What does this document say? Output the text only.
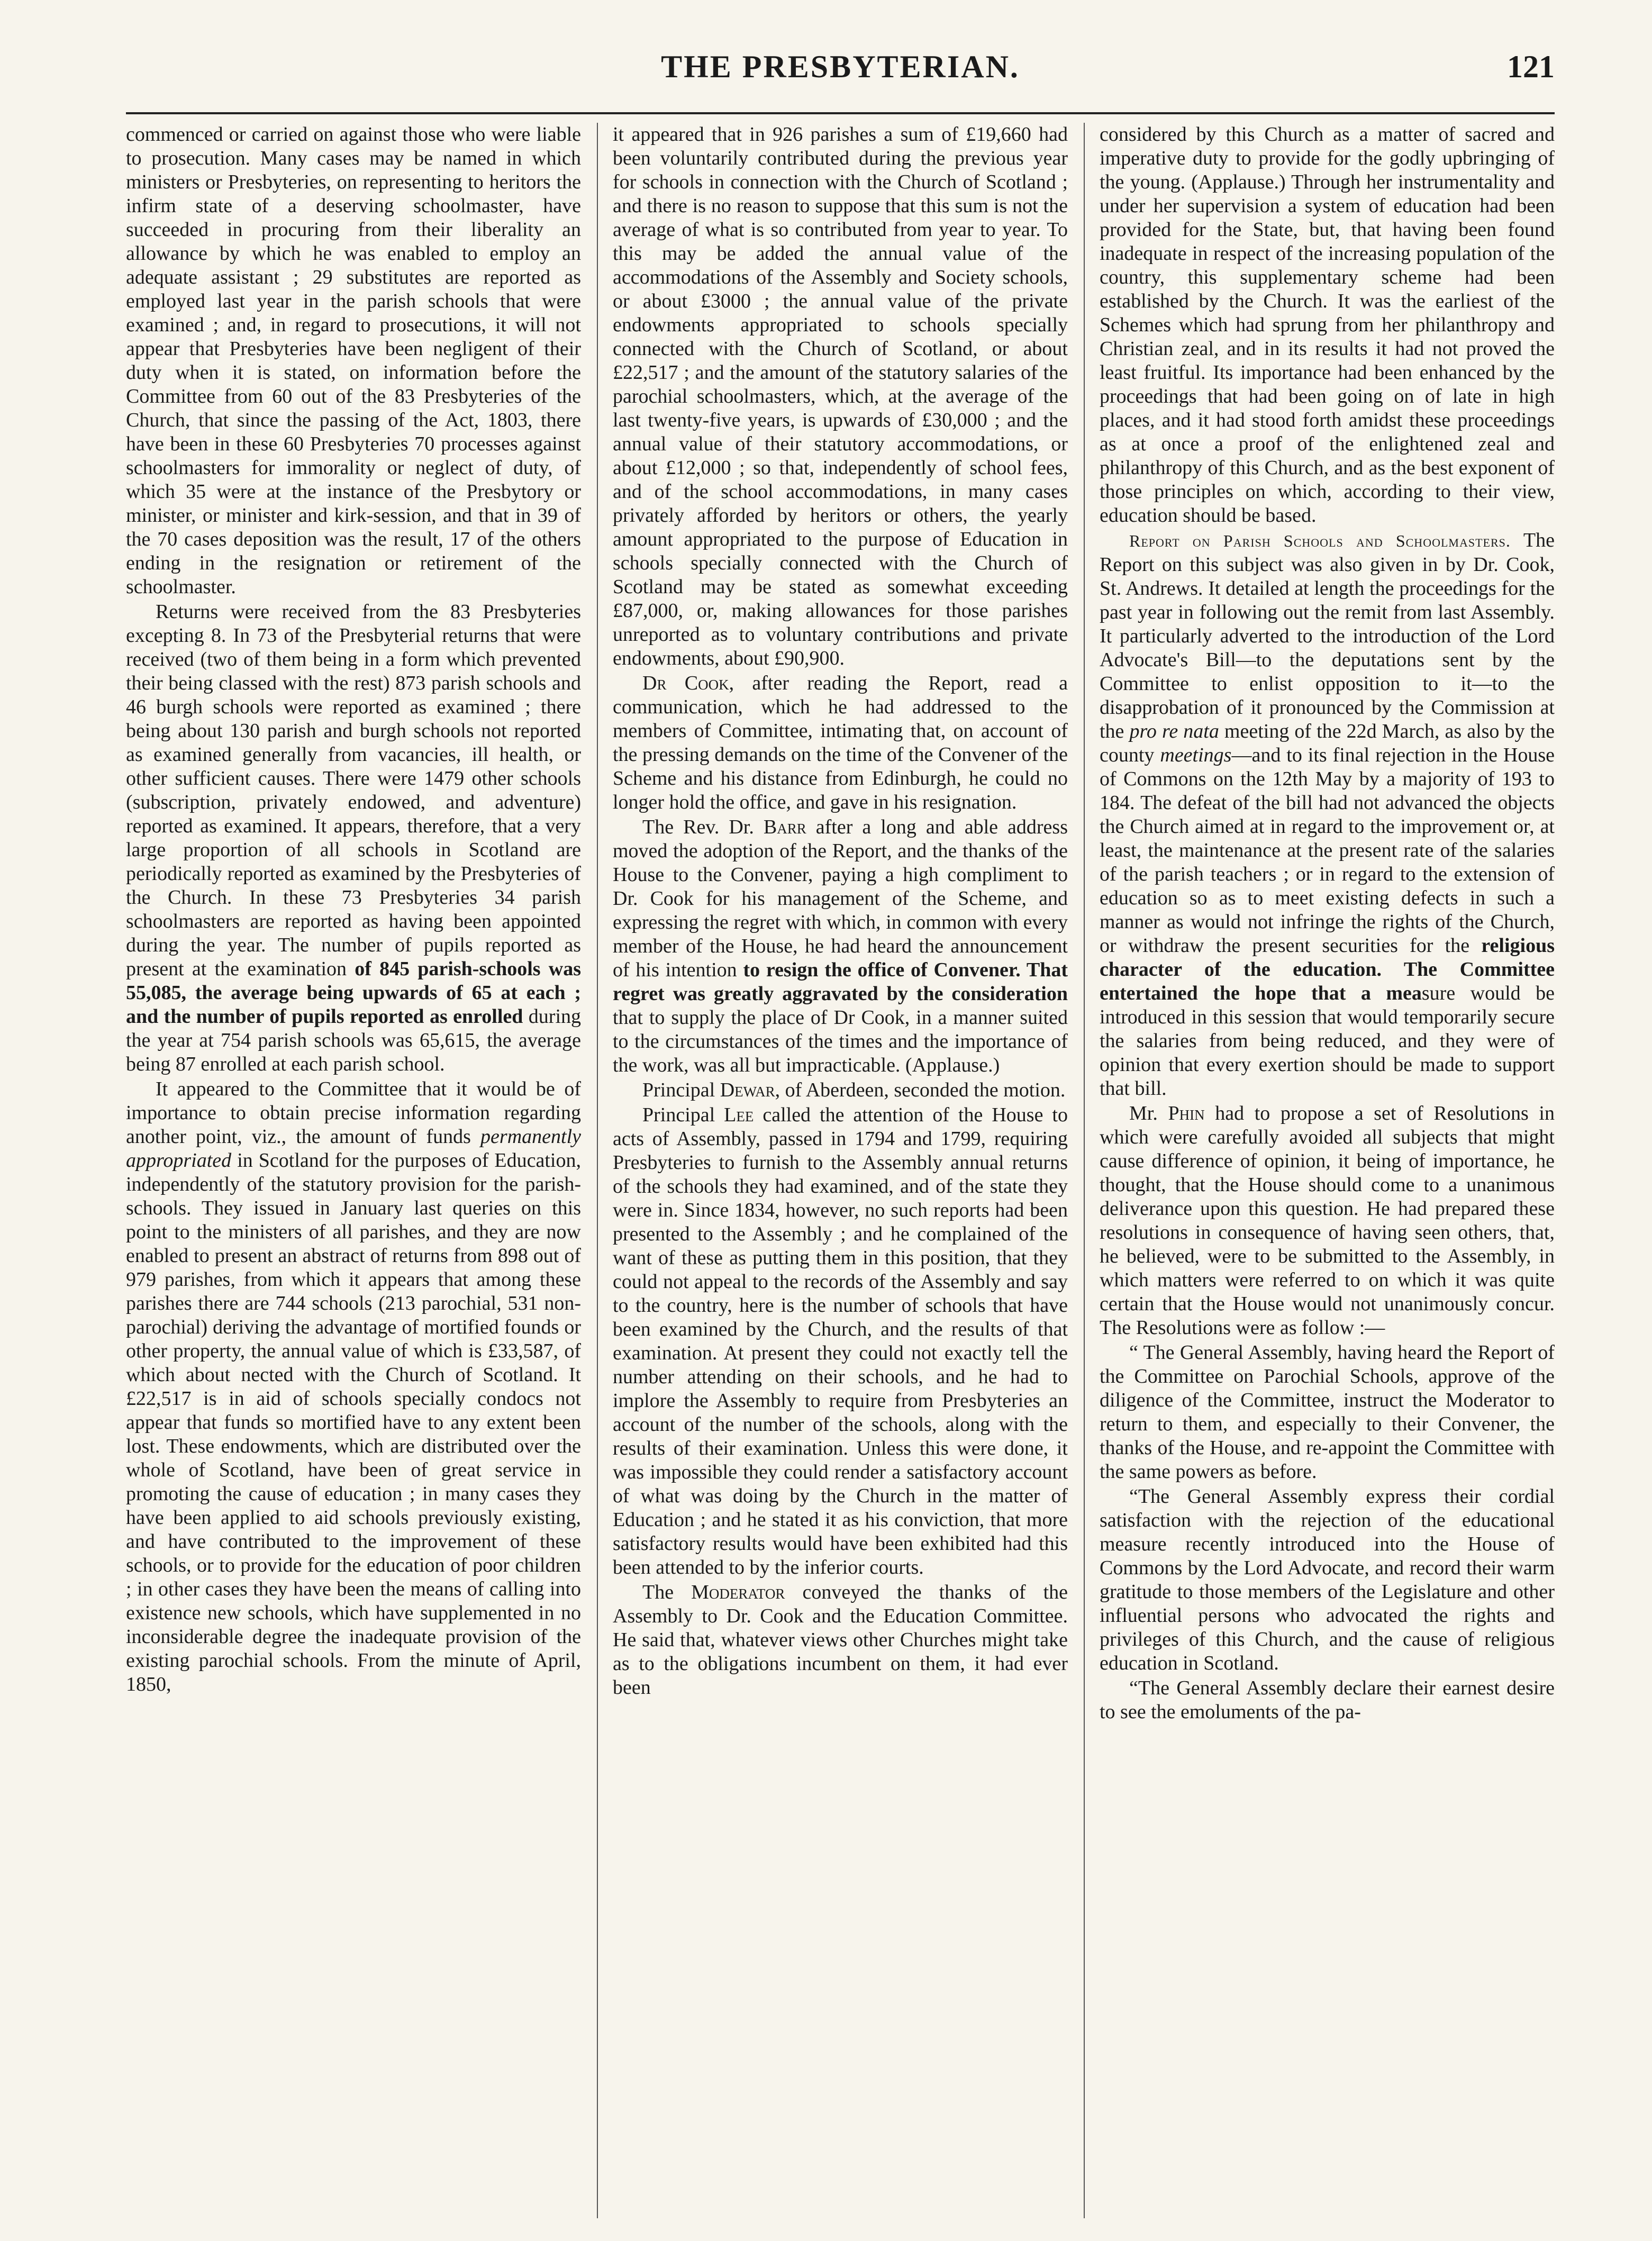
THE PRESBYTERIAN.	121

commenced or carried on against those who were liable to prosecution. Many cases may be named in which ministers or Presbyteries, on representing to heritors the infirm state of a deserving schoolmaster, have succeeded in procuring from their liberality an allowance by which he was enabled to employ an adequate assistant ; 29 substitutes are reported as employed last year in the parish schools that were examined ; and, in regard to prosecutions, it will not appear that Presbyteries have been negligent of their duty when it is stated, on information before the Committee from 60 out of the 83 Presbyteries of the Church, that since the passing of the Act, 1803, there have been in these 60 Presbyteries 70 processes against schoolmasters for immorality or neglect of duty, of which 35 were at the instance of the Presbytory or minister, or minister and kirk-session, and that in 39 of the 70 cases deposition was the result, 17 of the others ending in the resignation or retirement of the schoolmaster.

Returns were received from the 83 Presbyteries excepting 8. In 73 of the Presbyterial returns that were received (two of them being in a form which prevented their being classed with the rest) 873 parish schools and 46 burgh schools were reported as examined ; there being about 130 parish and burgh schools not reported as examined generally from vacancies, ill health, or other sufficient causes. There were 1479 other schools (subscription, privately endowed, and adventure) reported as examined. It appears, therefore, that a very large proportion of all schools in Scotland are periodically reported as examined by the Presbyteries of the Church. In these 73 Presbyteries 34 parish schoolmasters are reported as having been appointed during the year. The number of pupils reported as present at the examination of 845 parish-schools was 55,085, the average being upwards of 65 at each ; and the number of pupils reported as enrolled during the year at 754 parish schools was 65,615, the average being 87 enrolled at each parish school.

It appeared to the Committee that it would be of importance to obtain precise information regarding another point, viz., the amount of funds permanently appropriated in Scotland for the purposes of Education, independently of the statutory provision for the parish-schools. They issued in January last queries on this point to the ministers of all parishes, and they are now enabled to present an abstract of returns from 898 out of 979 parishes, from which it appears that among these parishes there are 744 schools (213 parochial, 531 non-parochial) deriving the advantage of mortified founds or other property, the annual value of which is £33,587, of which about nected with the Church of Scotland. It £22,517 is in aid of schools specially condocs not appear that funds so mortified have to any extent been lost. These endowments, which are distributed over the whole of Scotland, have been of great service in promoting the cause of education ; in many cases they have been applied to aid schools previously existing, and have contributed to the improvement of these schools, or to provide for the education of poor children ; in other cases they have been the means of calling into existence new schools, which have supplemented in no inconsiderable degree the inadequate provision of the existing parochial schools. From the minute of April, 1850,

it appeared that in 926 parishes a sum of £19,660 had been voluntarily contributed during the previous year for schools in connection with the Church of Scotland ; and there is no reason to suppose that this sum is not the average of what is so contributed from year to year. To this may be added the annual value of the accommodations of the Assembly and Society schools, or about £3000 ; the annual value of the private endowments appropriated to schools specially connected with the Church of Scotland, or about £22,517 ; and the amount of the statutory salaries of the parochial schoolmasters, which, at the average of the last twenty-five years, is upwards of £30,000 ; and the annual value of their statutory accommodations, or about £12,000 ; so that, independently of school fees, and of the school accommodations, in many cases privately afforded by heritors or others, the yearly amount appropriated to the purpose of Education in schools specially connected with the Church of Scotland may be stated as somewhat exceeding £87,000, or, making allowances for those parishes unreported as to voluntary contributions and private endowments, about £90,900.

Dr Cook, after reading the Report, read a communication, which he had addressed to the members of Committee, intimating that, on account of the pressing demands on the time of the Convener of the Scheme and his distance from Edinburgh, he could no longer hold the office, and gave in his resignation.

The Rev. Dr. Barr after a long and able address moved the adoption of the Report, and the thanks of the House to the Convener, paying a high compliment to Dr. Cook for his management of the Scheme, and expressing the regret with which, in common with every member of the House, he had heard the announcement of his intention to resign the office of Convener. That regret was greatly aggravated by the consideration that to supply the place of Dr Cook, in a manner suited to the circumstances of the times and the importance of the work, was all but impracticable. (Applause.)

Principal Dewar, of Aberdeen, seconded the motion.

Principal Lee called the attention of the House to acts of Assembly, passed in 1794 and 1799, requiring Presbyteries to furnish to the Assembly annual returns of the schools they had examined, and of the state they were in. Since 1834, however, no such reports had been presented to the Assembly ; and he complained of the want of these as putting them in this position, that they could not appeal to the records of the Assembly and say to the country, here is the number of schools that have been examined by the Church, and the results of that examination. At present they could not exactly tell the number attending on their schools, and he had to implore the Assembly to require from Presbyteries an account of the number of the schools, along with the results of their examination. Unless this were done, it was impossible they could render a satisfactory account of what was doing by the Church in the matter of Education ; and he stated it as his conviction, that more satisfactory results would have been exhibited had this been attended to by the inferior courts.

The Moderator conveyed the thanks of the Assembly to Dr. Cook and the Education Committee. He said that, whatever views other Churches might take as to the obligations incumbent on them, it had ever been

considered by this Church as a matter of sacred and imperative duty to provide for the godly upbringing of the young. (Applause.) Through her instrumentality and under her supervision a system of education had been provided for the State, but, that having been found inadequate in respect of the increasing population of the country, this supplementary scheme had been established by the Church. It was the earliest of the Schemes which had sprung from her philanthropy and Christian zeal, and in its results it had not proved the least fruitful. Its importance had been enhanced by the proceedings that had been going on of late in high places, and it had stood forth amidst these proceedings as at once a proof of the enlightened zeal and philanthropy of this Church, and as the best exponent of those principles on which, according to their view, education should be based.

Report on Parish Schools and Schoolmasters. The Report on this subject was also given in by Dr. Cook, St. Andrews. It detailed at length the proceedings for the past year in following out the remit from last Assembly. It particularly adverted to the introduction of the Lord Advocate's Bill—to the deputations sent by the Committee to enlist opposition to it—to the disapprobation of it pronounced by the Commission at the pro re nata meeting of the 22d March, as also by the county meetings—and to its final rejection in the House of Commons on the 12th May by a majority of 193 to 184. The defeat of the bill had not advanced the objects the Church aimed at in regard to the improvement or, at least, the maintenance at the present rate of the salaries of the parish teachers ; or in regard to the extension of education so as to meet existing defects in such a manner as would not infringe the rights of the Church, or withdraw the present securities for the religious character of the education. The Committee entertained the hope that a measure would be introduced in this session that would temporarily secure the salaries from being reduced, and they were of opinion that every exertion should be made to support that bill.

Mr. Phin had to propose a set of Resolutions in which were carefully avoided all subjects that might cause difference of opinion, it being of importance, he thought, that the House should come to a unanimous deliverance upon this question. He had prepared these resolutions in consequence of having seen others, that, he believed, were to be submitted to the Assembly, in which matters were referred to on which it was quite certain that the House would not unanimously concur. The Resolutions were as follow :—

“ The General Assembly, having heard the Report of the Committee on Parochial Schools, approve of the diligence of the Committee, instruct the Moderator to return to them, and especially to their Convener, the thanks of the House, and re-appoint the Committee with the same powers as before.

“The General Assembly express their cordial satisfaction with the rejection of the educational measure recently introduced into the House of Commons by the Lord Advocate, and record their warm gratitude to those members of the Legislature and other influential persons who advocated the rights and privileges of this Church, and the cause of religious education in Scotland.

“The General Assembly declare their earnest desire to see the emoluments of the pa-
